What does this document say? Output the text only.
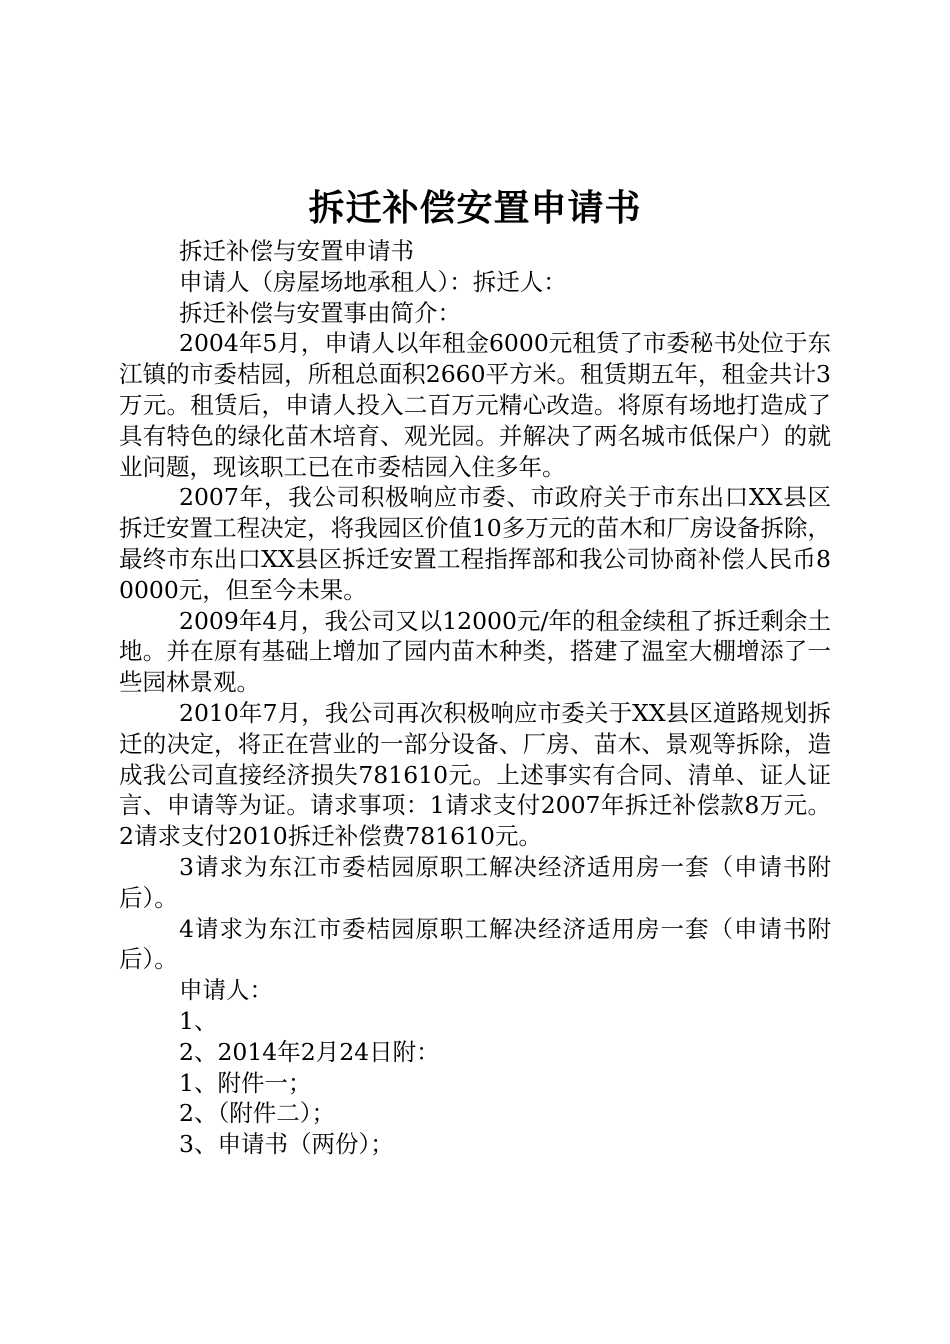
拆迁补偿安置申请书

拆迁补偿与安置申请书

申请人（房屋场地承租人）：拆迁人：

拆迁补偿与安置事由简介：

2004年5月，申请人以年租金6000元租赁了市委秘书处位于东江镇的市委桔园，所租总面积2660平方米。租赁期五年，租金共计3万元。租赁后，申请人投入二百万元精心改造。将原有场地打造成了具有特色的绿化苗木培育、观光园。并解决了两名城市低保户）的就业问题，现该职工已在市委桔园入住多年。

2007年，我公司积极响应市委、市政府关于市东出口XX县区拆迁安置工程决定，将我园区价值10多万元的苗木和厂房设备拆除，最终市东出口XX县区拆迁安置工程指挥部和我公司协商补偿人民币80000元，但至今未果。

2009年4月，我公司又以12000元/年的租金续租了拆迁剩余土地。并在原有基础上增加了园内苗木种类，搭建了温室大棚增添了一些园林景观。

2010年7月，我公司再次积极响应市委关于XX县区道路规划拆迁的决定，将正在营业的一部分设备、厂房、苗木、景观等拆除，造成我公司直接经济损失781610元。上述事实有合同、清单、证人证言、申请等为证。请求事项：1请求支付2007年拆迁补偿款8万元。2请求支付2010拆迁补偿费781610元。

3请求为东江市委桔园原职工解决经济适用房一套（申请书附后）。

4请求为东江市委桔园原职工解决经济适用房一套（申请书附后）。

申请人：

1、

2、2014年2月24日附：

1、附件一；

2、（附件二）；

3、申请书（两份）；
